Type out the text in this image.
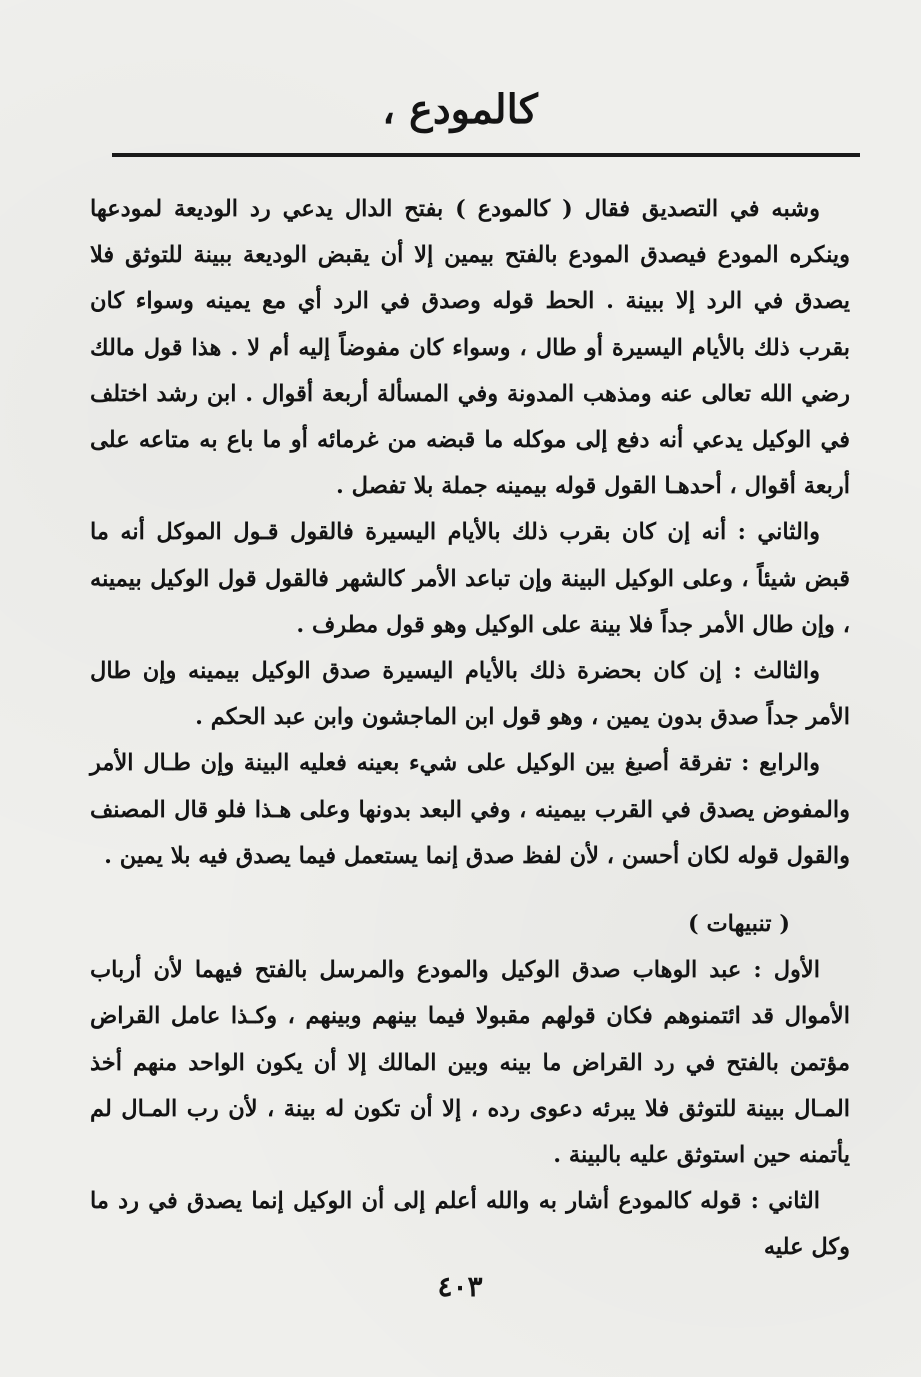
كالمودع ،

وشبه في التصديق فقال ( كالمودع ) بفتح الدال يدعي رد الوديعة لمودعها وينكره المودع فيصدق المودع بالفتح بيمين إلا أن يقبض الوديعة ببينة للتوثق فلا يصدق في الرد إلا ببينة . الحط قوله وصدق في الرد أي مع يمينه وسواء كان بقرب ذلك بالأيام اليسيرة أو طال ، وسواء كان مفوضاً إليه أم لا . هذا قول مالك رضي الله تعالى عنه ومذهب المدونة وفي المسألة أربعة أقوال . ابن رشد اختلف في الوكيل يدعي أنه دفع إلى موكله ما قبضه من غرمائه أو ما باع به متاعه على أربعة أقوال ، أحدهـا القول قوله بيمينه جملة بلا تفصل .

والثاني : أنه إن كان بقرب ذلك بالأيام اليسيرة فالقول قـول الموكل أنه ما قبض شيئاً ، وعلى الوكيل البينة وإن تباعد الأمر كالشهر فالقول قول الوكيل بيمينه ، وإن طال الأمر جداً فلا بينة على الوكيل وهو قول مطرف .

والثالث : إن كان بحضرة ذلك بالأيام اليسيرة صدق الوكيل بيمينه وإن طال الأمر جداً صدق بدون يمين ، وهو قول ابن الماجشون وابن عبد الحكم .

والرابع : تفرقة أصبغ بين الوكيل على شيء بعينه فعليه البينة وإن طـال الأمر والمفوض يصدق في القرب بيمينه ، وفي البعد بدونها وعلى هـذا فلو قال المصنف والقول قوله لكان أحسن ، لأن لفظ صدق إنما يستعمل فيما يصدق فيه بلا يمين .

( تنبيهات )

الأول : عبد الوهاب صدق الوكيل والمودع والمرسل بالفتح فيهما لأن أرباب الأموال قد ائتمنوهم فكان قولهم مقبولا فيما بينهم وبينهم ، وكـذا عامل القراض مؤتمن بالفتح في رد القراض ما بينه وبين المالك إلا أن يكون الواحد منهم أخذ المـال ببينة للتوثق فلا يبرئه دعوى رده ، إلا أن تكون له بينة ، لأن رب المـال لم يأتمنه حين استوثق عليه بالبينة .

الثاني : قوله كالمودع أشار به والله أعلم إلى أن الوكيل إنما يصدق في رد ما وكل عليه

٤٠٣
